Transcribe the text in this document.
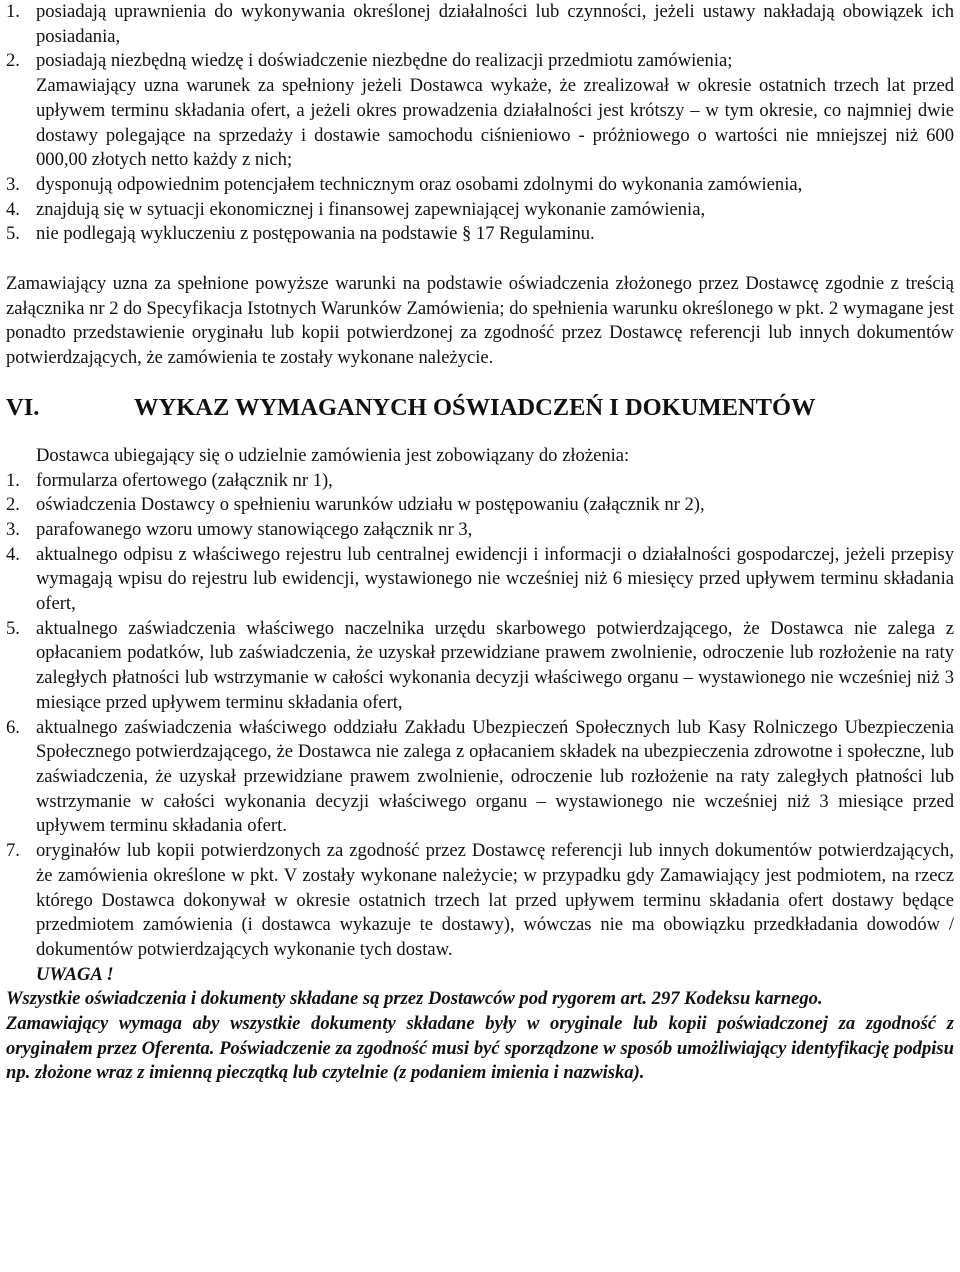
1. posiadają uprawnienia do wykonywania określonej działalności lub czynności, jeżeli ustawy nakładają obowiązek ich posiadania,
2. posiadają niezbędną wiedzę i doświadczenie niezbędne do realizacji przedmiotu zamówienia;
Zamawiający uzna warunek za spełniony jeżeli Dostawca wykaże, że zrealizował w okresie ostatnich trzech lat przed upływem terminu składania ofert, a jeżeli okres prowadzenia działalności jest krótszy – w tym okresie, co najmniej dwie dostawy polegające na sprzedaży i dostawie samochodu ciśnieniowo - próżniowego o wartości nie mniejszej niż 600 000,00 złotych netto każdy z nich;
3. dysponują odpowiednim potencjałem technicznym oraz osobami zdolnymi do wykonania zamówienia,
4. znajdują się w sytuacji ekonomicznej i finansowej zapewniającej wykonanie zamówienia,
5. nie podlegają wykluczeniu z postępowania na podstawie § 17 Regulaminu.
Zamawiający uzna za spełnione powyższe warunki na podstawie oświadczenia złożonego przez Dostawcę zgodnie z treścią załącznika nr 2 do Specyfikacja Istotnych Warunków Zamówienia; do spełnienia warunku określonego w pkt. 2 wymagane jest ponadto przedstawienie oryginału lub kopii potwierdzonej za zgodność przez Dostawcę referencji lub innych dokumentów potwierdzających, że zamówienia te zostały wykonane należycie.
VI.	WYKAZ WYMAGANYCH OŚWIADCZEŃ I DOKUMENTÓW
Dostawca ubiegający się o udzielnie zamówienia jest zobowiązany do złożenia:
1. formularza ofertowego (załącznik nr 1),
2. oświadczenia Dostawcy o spełnieniu warunków udziału w postępowaniu (załącznik nr 2),
3. parafowanego wzoru umowy stanowiącego załącznik nr 3,
4. aktualnego odpisu z właściwego rejestru lub centralnej ewidencji i informacji o działalności gospodarczej, jeżeli przepisy wymagają wpisu do rejestru lub ewidencji, wystawionego nie wcześniej niż 6 miesięcy przed upływem terminu składania ofert,
5. aktualnego zaświadczenia właściwego naczelnika urzędu skarbowego potwierdzającego, że Dostawca nie zalega z opłacaniem podatków, lub zaświadczenia, że uzyskał przewidziane prawem zwolnienie, odroczenie lub rozłożenie na raty zaległych płatności lub wstrzymanie w całości wykonania decyzji właściwego organu – wystawionego nie wcześniej niż 3 miesiące przed upływem terminu składania ofert,
6. aktualnego zaświadczenia właściwego oddziału Zakładu Ubezpieczeń Społecznych lub Kasy Rolniczego Ubezpieczenia Społecznego potwierdzającego, że Dostawca nie zalega z opłacaniem składek na ubezpieczenia zdrowotne i społeczne, lub zaświadczenia, że uzyskał przewidziane prawem zwolnienie, odroczenie lub rozłożenie na raty zaległych płatności lub wstrzymanie w całości wykonania decyzji właściwego organu – wystawionego nie wcześniej niż 3 miesiące przed upływem terminu składania ofert.
7. oryginałów lub kopii potwierdzonych za zgodność przez Dostawcę referencji lub innych dokumentów potwierdzających, że zamówienia określone w pkt. V zostały wykonane należycie; w przypadku gdy Zamawiający jest podmiotem, na rzecz którego Dostawca dokonywał w okresie ostatnich trzech lat przed upływem terminu składania ofert dostawy będące przedmiotem zamówienia (i dostawca wykazuje te dostawy), wówczas nie ma obowiązku przedkładania dowodów / dokumentów potwierdzających wykonanie tych dostaw.
UWAGA !
Wszystkie oświadczenia i dokumenty składane są przez Dostawców pod rygorem art. 297 Kodeksu karnego.
Zamawiający wymaga aby wszystkie dokumenty składane były w oryginale lub kopii poświadczonej za zgodność z oryginałem przez Oferenta. Poświadczenie za zgodność musi być sporządzone w sposób umożliwiający identyfikację podpisu np. złożone wraz z imienną pieczątką lub czytelnie (z podaniem imienia i nazwiska).
